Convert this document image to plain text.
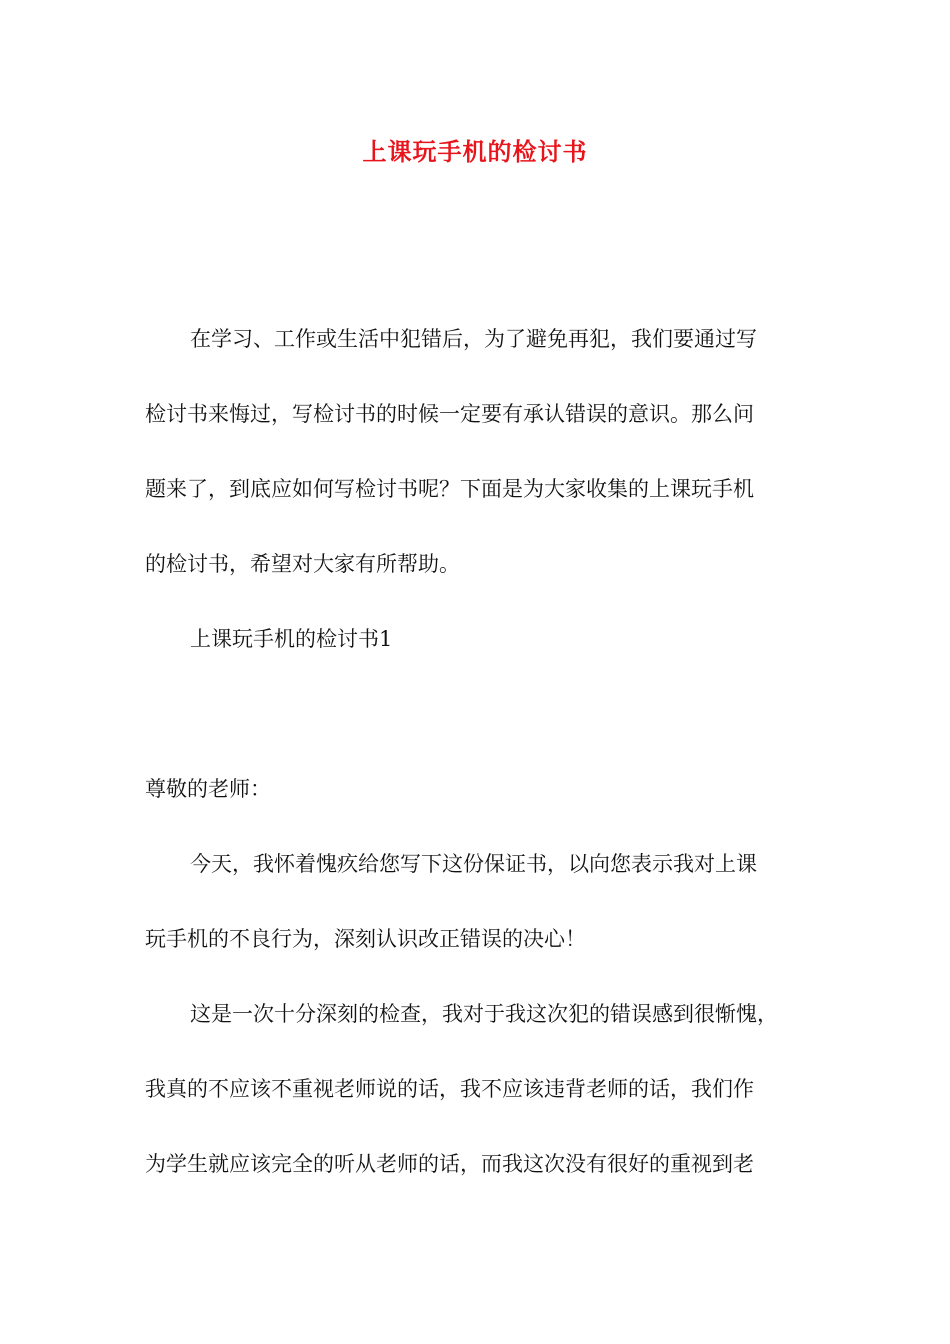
上课玩手机的检讨书
在学习、工作或生活中犯错后，为了避免再犯，我们要通过写
检讨书来悔过，写检讨书的时候一定要有承认错误的意识。那么问
题来了，到底应如何写检讨书呢？下面是为大家收集的上课玩手机
的检讨书，希望对大家有所帮助。
上课玩手机的检讨书1
尊敬的老师：
今天，我怀着愧疚给您写下这份保证书，以向您表示我对上课
玩手机的不良行为，深刻认识改正错误的决心！
这是一次十分深刻的检查，我对于我这次犯的错误感到很惭愧，
我真的不应该不重视老师说的话，我不应该违背老师的话，我们作
为学生就应该完全的听从老师的话，而我这次没有很好的重视到老
